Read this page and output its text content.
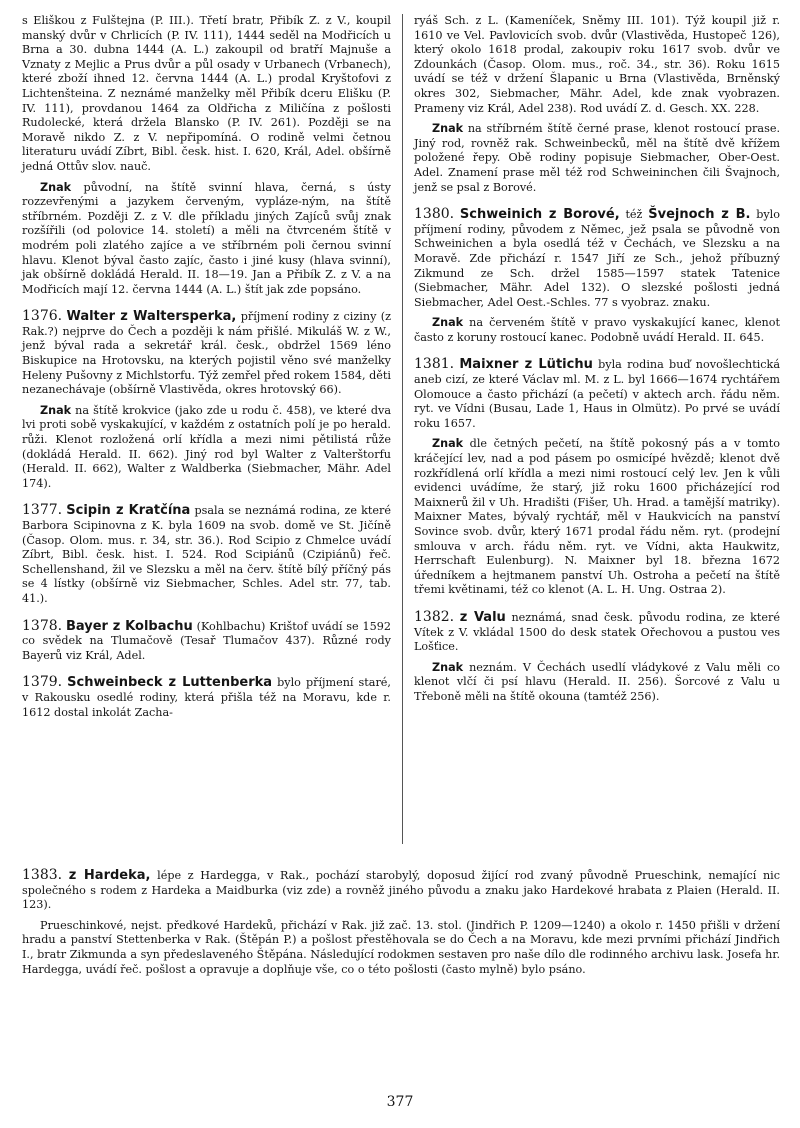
s Eliškou z Fulštejna (P. III.). Třetí bratr, Přibík Z. z V., koupil manský dvůr v Chrlicích (P. IV. 111), 1444 seděl na Modřicích u Brna a 30. dubna 1444 (A. L.) zakoupil od bratří Majnuše a Vznaty z Mejlic a Prus dvůr a půl osady v Urbanech (Vrbanech), které zboží ihned 12. června 1444 (A. L.) prodal Kryštofovi z Lichtenšteina. Z neznámé manželky měl Přibík dceru Elišku (P. IV. 111), provdanou 1464 za Oldřicha z Miličína z pošlosti Rudolecké, která držela Blansko (P. IV. 261). Později se na Moravě nikdo Z. z V. nepřipomíná. O rodině velmi četnou literaturu uvádí Zíbrt, Bibl. česk. hist. I. 620, Král, Adel. obšírně jedná Ottův slov. nauč.

Znak původní, na štítě svinní hlava, černá, s ústy rozzevřenými a jazykem červeným, vypláze-ným, na štítě stříbrném. Později Z. z V. dle příkladu jiných Zajíců svůj znak rozšířili (od polovice 14. století) a měli na čtvrceném štítě v modrém poli zlatého zajíce a ve stříbrném poli černou svinní hlavu. Klenot býval často zajíc, často i jiné kusy (hlava svinní), jak obšírně dokládá Herald. II. 18—19. Jan a Přibík Z. z V. a na Modřicích mají 12. června 1444 (A. L.) štít jak zde popsáno.

1376. Walter z Waltersperka, příjmení rodiny z ciziny (z Rak.?) nejprve do Čech a později k nám přišlé. Mikuláš W. z W., jenž býval rada a sekretář král. česk., obdržel 1569 léno Biskupice na Hrotovsku, na kterých pojistil věno své manželky Heleny Pušovny z Michlstorfu. Týž zemřel před rokem 1584, děti nezanechávaje (obšírně Vlastivěda, okres hrotovský 66).

Znak na štítě krokvice (jako zde u rodu č. 458), ve které dva lvi proti sobě vyskakující, v každém z ostatních polí je po herald. růži. Klenot rozložená orlí křídla a mezi nimi pětilistá růže (dokládá Herald. II. 662). Jiný rod byl Walter z Valterštorfu (Herald. II. 662), Walter z Waldberka (Siebmacher, Mähr. Adel 174).

1377. Scipin z Kratčína psala se neznámá rodina, ze které Barbora Scipinovna z K. byla 1609 na svob. domě ve St. Jičíně (Časop. Olom. mus. r. 34, str. 36.). Rod Scipio z Chmelce uvádí Zíbrt, Bibl. česk. hist. I. 524. Rod Scipiánů (Czipiánů) řeč. Schellenshand, žil ve Slezsku a měl na červ. štítě bílý příčný pás se 4 lístky (obšírně viz Siebmacher, Schles. Adel str. 77, tab. 41.).

1378. Bayer z Kolbachu (Kohlbachu) Krištof uvádí se 1592 co svědek na Tlumačově (Tesař Tlumačov 437). Různé rody Bayerů viz Král, Adel.

1379. Schweinbeck z Luttenberka bylo příjmení staré, v Rakousku osedlé rodiny, která přišla též na Moravu, kde r. 1612 dostal inkolát Zacha-

ryáš Sch. z L. (Kameníček, Sněmy III. 101). Týž koupil již r. 1610 ve Vel. Pavlovicích svob. dvůr (Vlastivěda, Hustopeč 126), který okolo 1618 prodal, zakoupiv roku 1617 svob. dvůr ve Zdounkách (Časop. Olom. mus., roč. 34., str. 36). Roku 1615 uvádí se též v držení Šlapanic u Brna (Vlastivěda, Brněnský okres 302, Siebmacher, Mähr. Adel, kde znak vyobrazen. Prameny viz Král, Adel 238). Rod uvádí Z. d. Gesch. XX. 228.

Znak na stříbrném štítě černé prase, klenot rostoucí prase. Jiný rod, rovněž rak. Schweinbecků, měl na štítě dvě křížem položené řepy. Obě rodiny popisuje Siebmacher, Ober-Oest. Adel. Znamení prase měl též rod Schweininchen čili Švajnoch, jenž se psal z Borové.

1380. Schweinich z Borové, též Švejnoch z B. bylo příjmení rodiny, původem z Němec, jež psala se původně von Schweinichen a byla osedlá též v Čechách, ve Slezsku a na Moravě. Zde přichází r. 1547 Jiří ze Sch., jehož příbuzný Zikmund ze Sch. držel 1585—1597 statek Tatenice (Siebmacher, Mähr. Adel 132). O slezské pošlosti jedná Siebmacher, Adel Oest.-Schles. 77 s vyobraz. znaku.

Znak na červeném štítě v pravo vyskakující kanec, klenot často z koruny rostoucí kanec. Podobně uvádí Herald. II. 645.

1381. Maixner z Lütichu byla rodina buď novošlechtická aneb cizí, ze které Václav ml. M. z L. byl 1666—1674 rychtářem Olomouce a často přichází (a pečetí) v aktech arch. řádu něm. ryt. ve Vídni (Busau, Lade 1, Haus in Olmütz). Po prvé se uvádí roku 1657.

Znak dle četných pečetí, na štítě pokosný pás a v tomto kráčející lev, nad a pod pásem po osmicípé hvězdě; klenot dvě rozkřídlená orlí křídla a mezi nimi rostoucí celý lev. Jen k vůli evidenci uvádíme, že starý, již roku 1600 přicházející rod Maixnerů žil v Uh. Hradišti (Fišer, Uh. Hrad. a tamější matriky). Maixner Mates, bývalý rychtář, měl v Haukvicích na panství Sovince svob. dvůr, který 1671 prodal řádu něm. ryt. (prodejní smlouva v arch. řádu něm. ryt. ve Vídni, akta Haukwitz, Herrschaft Eulenburg). N. Maixner byl 18. března 1672 úředníkem a hejtmanem panství Uh. Ostroha a pečetí na štítě třemi květinami, též co klenot (A. L. H. Ung. Ostraa 2).

1382. z Valu neznámá, snad česk. původu rodina, ze které Vítek z V. vkládal 1500 do desk statek Ořechovou a pustou ves Lošťice.

Znak neznám. V Čechách usedlí vládykové z Valu měli co klenot vlčí či psí hlavu (Herald. II. 256). Šorcové z Valu u Třeboně měli na štítě okouna (tamtéž 256).

1383. z Hardeka, lépe z Hardegga, v Rak., pochází starobylý, doposud žijící rod zvaný původně Prueschink, nemající nic společného s rodem z Hardeka a Maidburka (viz zde) a rovněž jiného původu a znaku jako Hardekové hrabata z Plaien (Herald. II. 123).

Prueschinkové, nejst. předkové Hardeků, přichází v Rak. již zač. 13. stol. (Jindřich P. 1209—1240) a okolo r. 1450 přišli v držení hradu a panství Stettenberka v Rak. (Štěpán P.) a pošlost přestěhovala se do Čech a na Moravu, kde mezi prvními přichází Jindřich I., bratr Zikmunda a syn předeslaveného Štěpána. Následující rodokmen sestaven pro naše dílo dle rodinného archivu lask. Josefa hr. Hardegga, uvádí řeč. pošlost a opravuje a doplňuje vše, co o této pošlosti (často mylně) bylo psáno.

377
